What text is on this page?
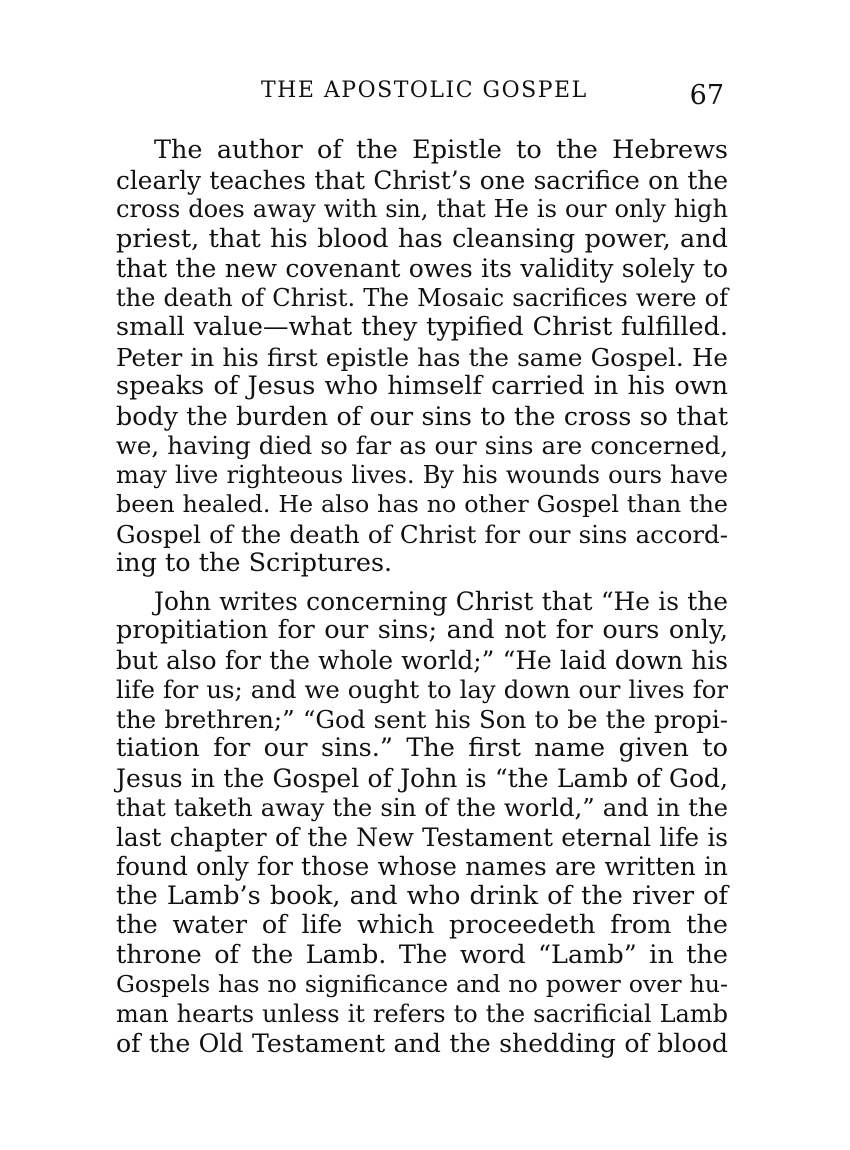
THE APOSTOLIC GOSPEL	67
The author of the Epistle to the Hebrews
clearly teaches that Christ’s one sacrifice on the
cross does away with sin, that He is our only high
priest, that his blood has cleansing power, and
that the new covenant owes its validity solely to
the death of Christ. The Mosaic sacrifices were of
small value—what they typified Christ fulfilled.
Peter in his first epistle has the same Gospel. He
speaks of Jesus who himself carried in his own
body the burden of our sins to the cross so that
we, having died so far as our sins are concerned,
may live righteous lives. By his wounds ours have
been healed. He also has no other Gospel than the
Gospel of the death of Christ for our sins accord-
ing to the Scriptures.
John writes concerning Christ that “He is the
propitiation for our sins; and not for ours only,
but also for the whole world;” “He laid down his
life for us; and we ought to lay down our lives for
the brethren;” “God sent his Son to be the propi-
tiation for our sins.” The first name given to
Jesus in the Gospel of John is “the Lamb of God,
that taketh away the sin of the world,” and in the
last chapter of the New Testament eternal life is
found only for those whose names are written in
the Lamb’s book, and who drink of the river of
the water of life which proceedeth from the
throne of the Lamb. The word “Lamb” in the
Gospels has no significance and no power over hu-
man hearts unless it refers to the sacrificial Lamb
of the Old Testament and the shedding of blood
